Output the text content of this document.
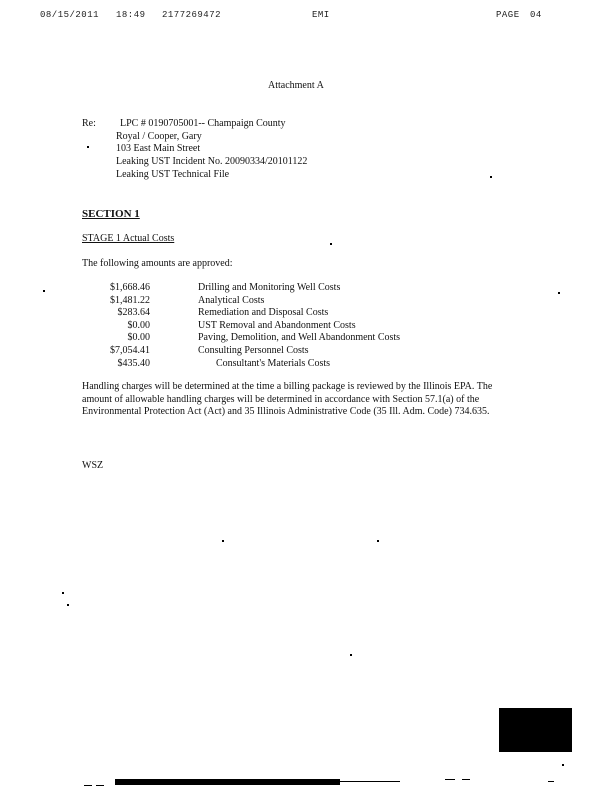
08/15/2011 18:49 2177269472	EMI	PAGE 04
Attachment A
Re: LPC # 0190705001-- Champaign County
Royal / Cooper, Gary
103 East Main Street
Leaking UST Incident No. 20090334/20101122
Leaking UST Technical File
SECTION 1
STAGE 1 Actual Costs
The following amounts are approved:
$1,668.46	Drilling and Monitoring Well Costs
$1,481.22	Analytical Costs
$283.64	Remediation and Disposal Costs
$0.00	UST Removal and Abandonment Costs
$0.00	Paving, Demolition, and Well Abandonment Costs
$7,054.41	Consulting Personnel Costs
$435.40	Consultant's Materials Costs
Handling charges will be determined at the time a billing package is reviewed by the Illinois EPA. The amount of allowable handling charges will be determined in accordance with Section 57.1(a) of the Environmental Protection Act (Act) and 35 Illinois Administrative Code (35 Ill. Adm. Code) 734.635.
WSZ
